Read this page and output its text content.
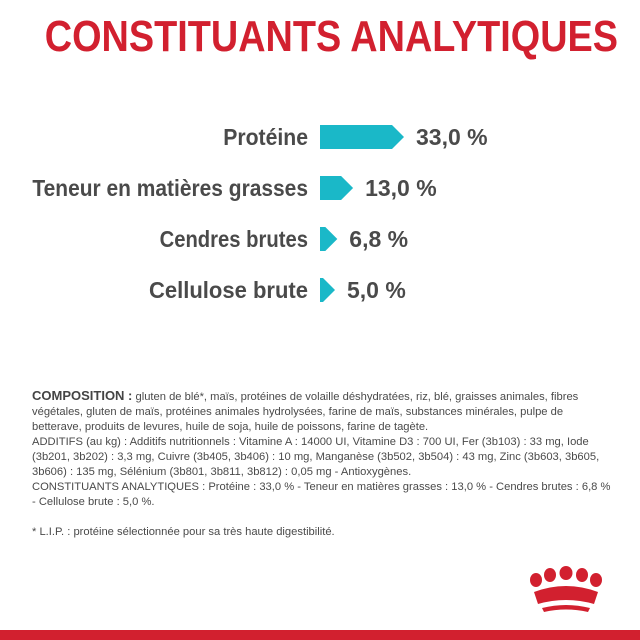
CONSTITUANTS ANALYTIQUES
Protéine	33,0 %
Teneur en matières grasses 13,0 %
Cendres brutes 6,8 %
Cellulose brute 5,0 %

COMPOSITION : gluten de blé*, maïs, protéines de volaille déshydratées, riz, blé, graisses animales, fibres végétales, gluten de maïs, protéines animales hydrolysées, farine de maïs, substances minérales, pulpe de betterave, produits de levures, huile de soja, huile de poissons, farine de tagète.

ADDITIFS (au kg) : Additifs nutritionnels : Vitamine A : 14000 UI, Vitamine D3 : 700 UI, Fer (3b103) : 33 mg, Iode (3b201, 3b202) : 3,3 mg, Cuivre (3b405, 3b406) : 10 mg, Manganèse (3b502, 3b504) : 43 mg, Zinc (3b603, 3b605, 3b606) : 135 mg, Sélénium (3b801, 3b811, 3b812) : 0,05 mg - Antioxygènes.

CONSTITUANTS ANALYTIQUES : Protéine : 33,0 % - Teneur en matières grasses : 13,0 % - Cendres brutes : 6,8 % - Cellulose brute : 5,0 %.

* L.I.P. : protéine sélectionnée pour sa très haute digestibilité.
